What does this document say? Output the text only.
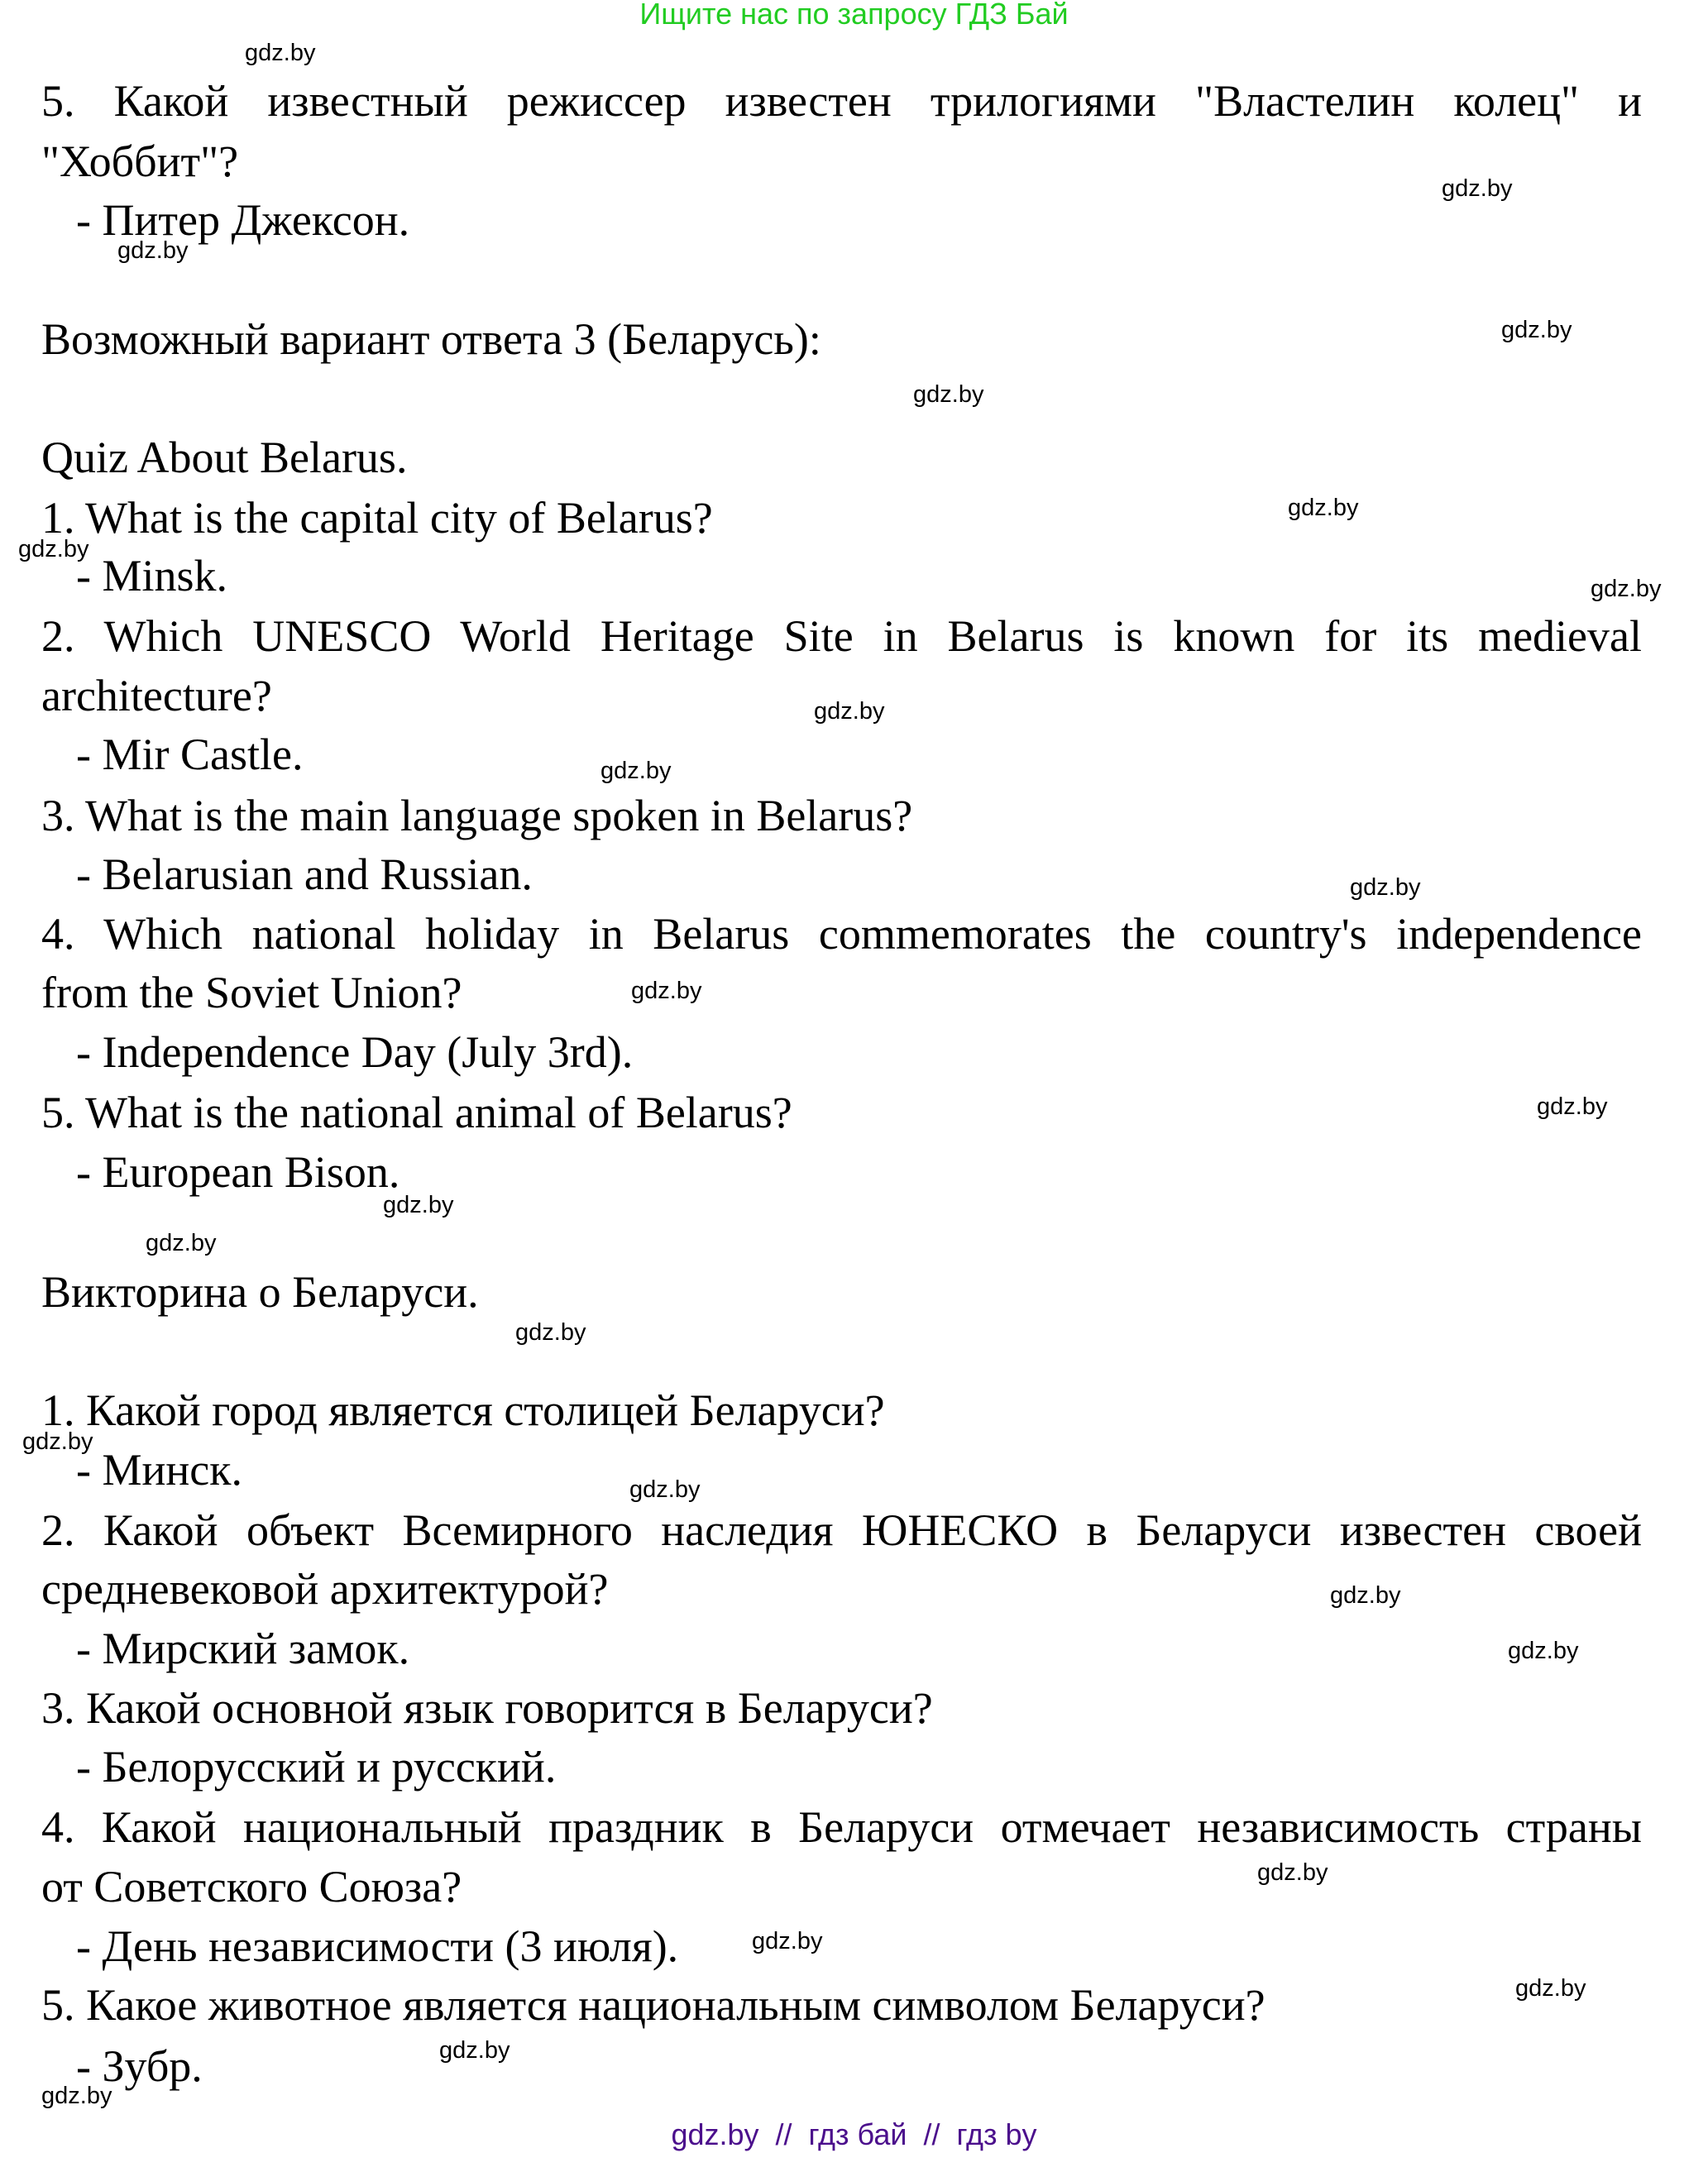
Ищите нас по запросу ГДЗ Бай
5. Какой известный режиссер известен трилогиями "Властелин колец" и
"Хоббит"?
- Питер Джексон.
Возможный вариант ответа 3 (Беларусь):
Quiz About Belarus.
1. What is the capital city of Belarus?
- Minsk.
2. Which UNESCO World Heritage Site in Belarus is known for its medieval
architecture?
- Mir Castle.
3. What is the main language spoken in Belarus?
- Belarusian and Russian.
4. Which national holiday in Belarus commemorates the country's independence
from the Soviet Union?
- Independence Day (July 3rd).
5. What is the national animal of Belarus?
- European Bison.
Викторина о Беларуси.
1. Какой город является столицей Беларуси?
- Минск.
2. Какой объект Всемирного наследия ЮНЕСКО в Беларуси известен своей
средневековой архитектурой?
- Мирский замок.
3. Какой основной язык говорится в Беларуси?
- Белорусский и русский.
4. Какой национальный праздник в Беларуси отмечает независимость страны
от Советского Союза?
- День независимости (3 июля).
5. Какое животное является национальным символом Беларуси?
- Зубр.
gdz.by
gdz.by
gdz.by
gdz.by
gdz.by
gdz.by
gdz.by
gdz.by
gdz.by
gdz.by
gdz.by
gdz.by
gdz.by
gdz.by
gdz.by
gdz.by
gdz.by
gdz.by
gdz.by
gdz.by
gdz.by
gdz.by
gdz.by
gdz.by
gdz.by
gdz.by  //  гдз бай  //  гдз by
